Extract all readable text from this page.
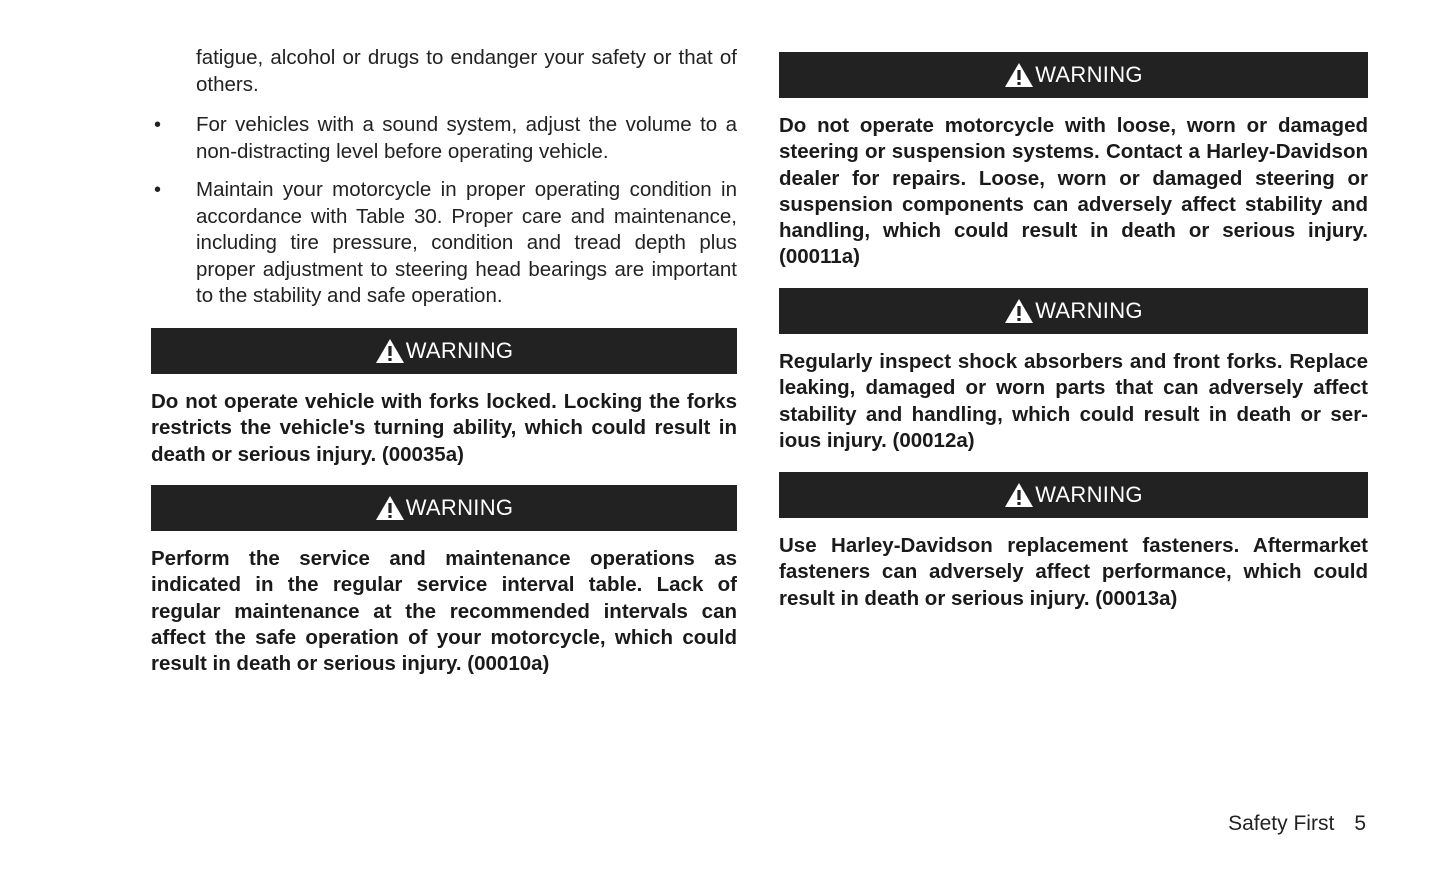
fatigue, alcohol or drugs to endanger your safety or that of others.
• For vehicles with a sound system, adjust the volume to a non-distracting level before operating vehicle.
• Maintain your motorcycle in proper operating condition in accordance with Table 30. Proper care and maintenance, including tire pressure, condition and tread depth plus proper adjustment to steering head bearings are important to the stability and safe operation.
WARNING
Do not operate vehicle with forks locked. Locking the forks restricts the vehicle's turning ability, which could result in death or serious injury. (00035a)
WARNING
Perform the service and maintenance operations as indicated in the regular service interval table. Lack of regular maintenance at the recommended intervals can affect the safe operation of your motorcycle, which could result in death or serious injury. (00010a)
WARNING
Do not operate motorcycle with loose, worn or damaged steering or suspension systems. Contact a Harley-Davidson dealer for repairs. Loose, worn or damaged steering or suspension components can adversely affect stability and handling, which could result in death or serious injury. (00011a)
WARNING
Regularly inspect shock absorbers and front forks. Replace leaking, damaged or worn parts that can adversely affect stability and handling, which could result in death or serious injury. (00012a)
WARNING
Use Harley-Davidson replacement fasteners. Aftermarket fasteners can adversely affect performance, which could result in death or serious injury. (00013a)
Safety First 5
